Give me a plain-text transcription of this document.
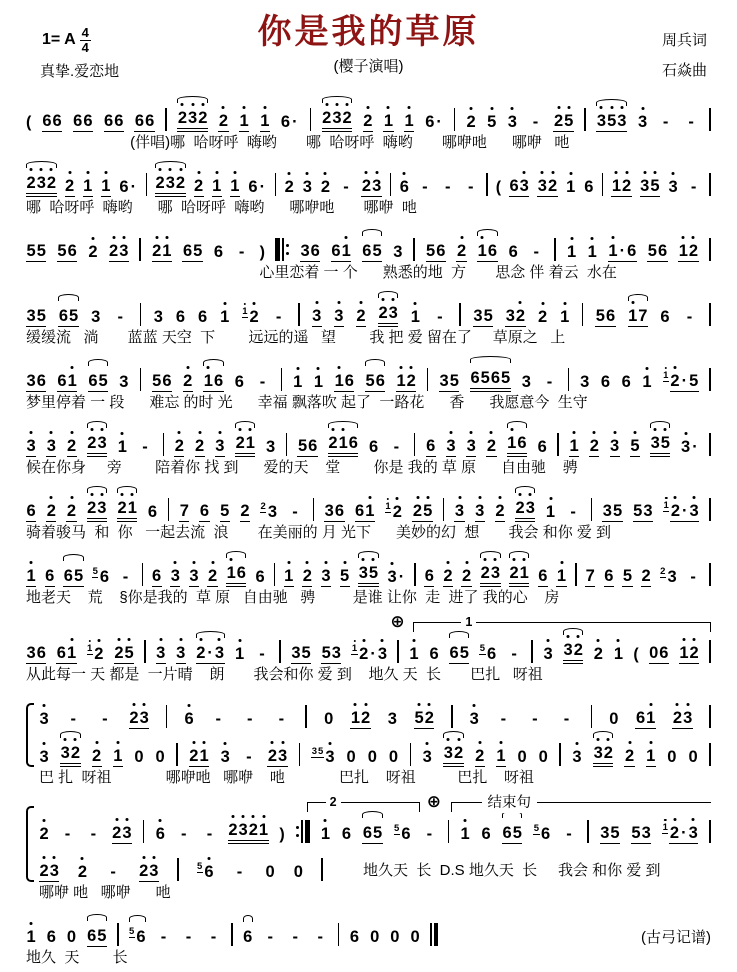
1= A $\frac{4}{4}$
真挚.爱恋地
你是我的草原
(樱子演唱)
周兵词
石焱曲
( 66 66 66 66 232 2 1 1 6 · 232 2 1 1 6 · 2 5 3 - 25 353 3 - -
(伴唱)哪  哈呀呼  嗨哟       哪  哈呀呼  嗨哟       哪咿吔      哪咿   吔
232 2 1 1 6 · 232 2 1 1 6 · 2 3 2 - 23 6 - - - ( 63 32 1 6 12 35 3 -
哪  哈呀呼  嗨哟      哪  哈呀呼  嗨哟      哪咿吔       哪咿  吔
55 56 2 23 21 65 6 - ) 36 61 65 3 56 2 16 6 - 1 1 1 · 6 56 12
心里恋着 一 个      熟悉的地  方       思念 伴 着云  水在
35 65 3 - 3 6 6 1 1 2 - 3 3 2 23 1 - 35 32 2 1 56 17 6 -
缓缓流   淌       蓝蓝 天空  下        远远的遥   望        我 把 爱 留在了     草原之   上
36 61 65 3 56 2 16 6 - 1 1 16 56 12 35 6565 3 - 3 6 6 1 1 2 · 5
梦里停着 一 段      难忘 的时 光      幸福 飘落吹 起了  一路花      香      我愿意今  生守
3 3 2 23 1 - 2 2 3 21 3 56 216 6 - 6 3 3 2 16 6 1 2 3 5 35 3 ·
候在你身     旁        陪着你 找 到      爱的天    堂        你是 我的 草 原      自由驰    骋
6 2 2 23 21 6 7 6 5 2 2 3 - 36 61 1 2 25 3 3 2 23 1 - 35 53 1 2 · 3
骑着骏马  和  你   一起去流  浪       在美丽的 月 光下      美妙的幻  想       我会 和你 爱 到
1 6 65 5 6 - 6 3 3 2 16 6 1 2 3 5 35 3 · 6 2 2 23 21 6 1 7 6 5 2 2 3 -
地老天    荒    §你是我的  草 原   自由驰   骋         是谁 让你  走  进了 我的心    房
⊕	1
36 61 1 2 25 3 3 2 · 3 1 - 35 53 1 2 · 3 1 6 65 5 6 - 3 32 2 1 ( 06 12
从此每一 天 都是  一片晴    朗       我会和你 爱 到    地久 天  长       巴扎   呀祖
3 - - 23 6 - - - 0 12 3 52 3 - - - 0 61 23
3 32 2 1 0 0 21 3 - 23	35 3 0 0 0 3 32 2 1 0 0 3 32 2 1 0 0
巴 扎  呀祖             哪咿吔   哪咿    吔             巴扎    呀祖          巴扎    呀祖
2	⊕	结束句
2 - - 23 6 - - 2321 ) 1 6 65 5 6 - 1 6 65 5 6 - 35 53 1 2 · 3
23 2 - 23	5 6 - 0 0	地久天  长  D.S 地久天  长     我会 和你 爱 到
哪咿 吔   哪咿      吔
1 6 0 65 5 6 - - - 6 - - - 6 0 0 0	(古弓记谱)
地久  天        长
